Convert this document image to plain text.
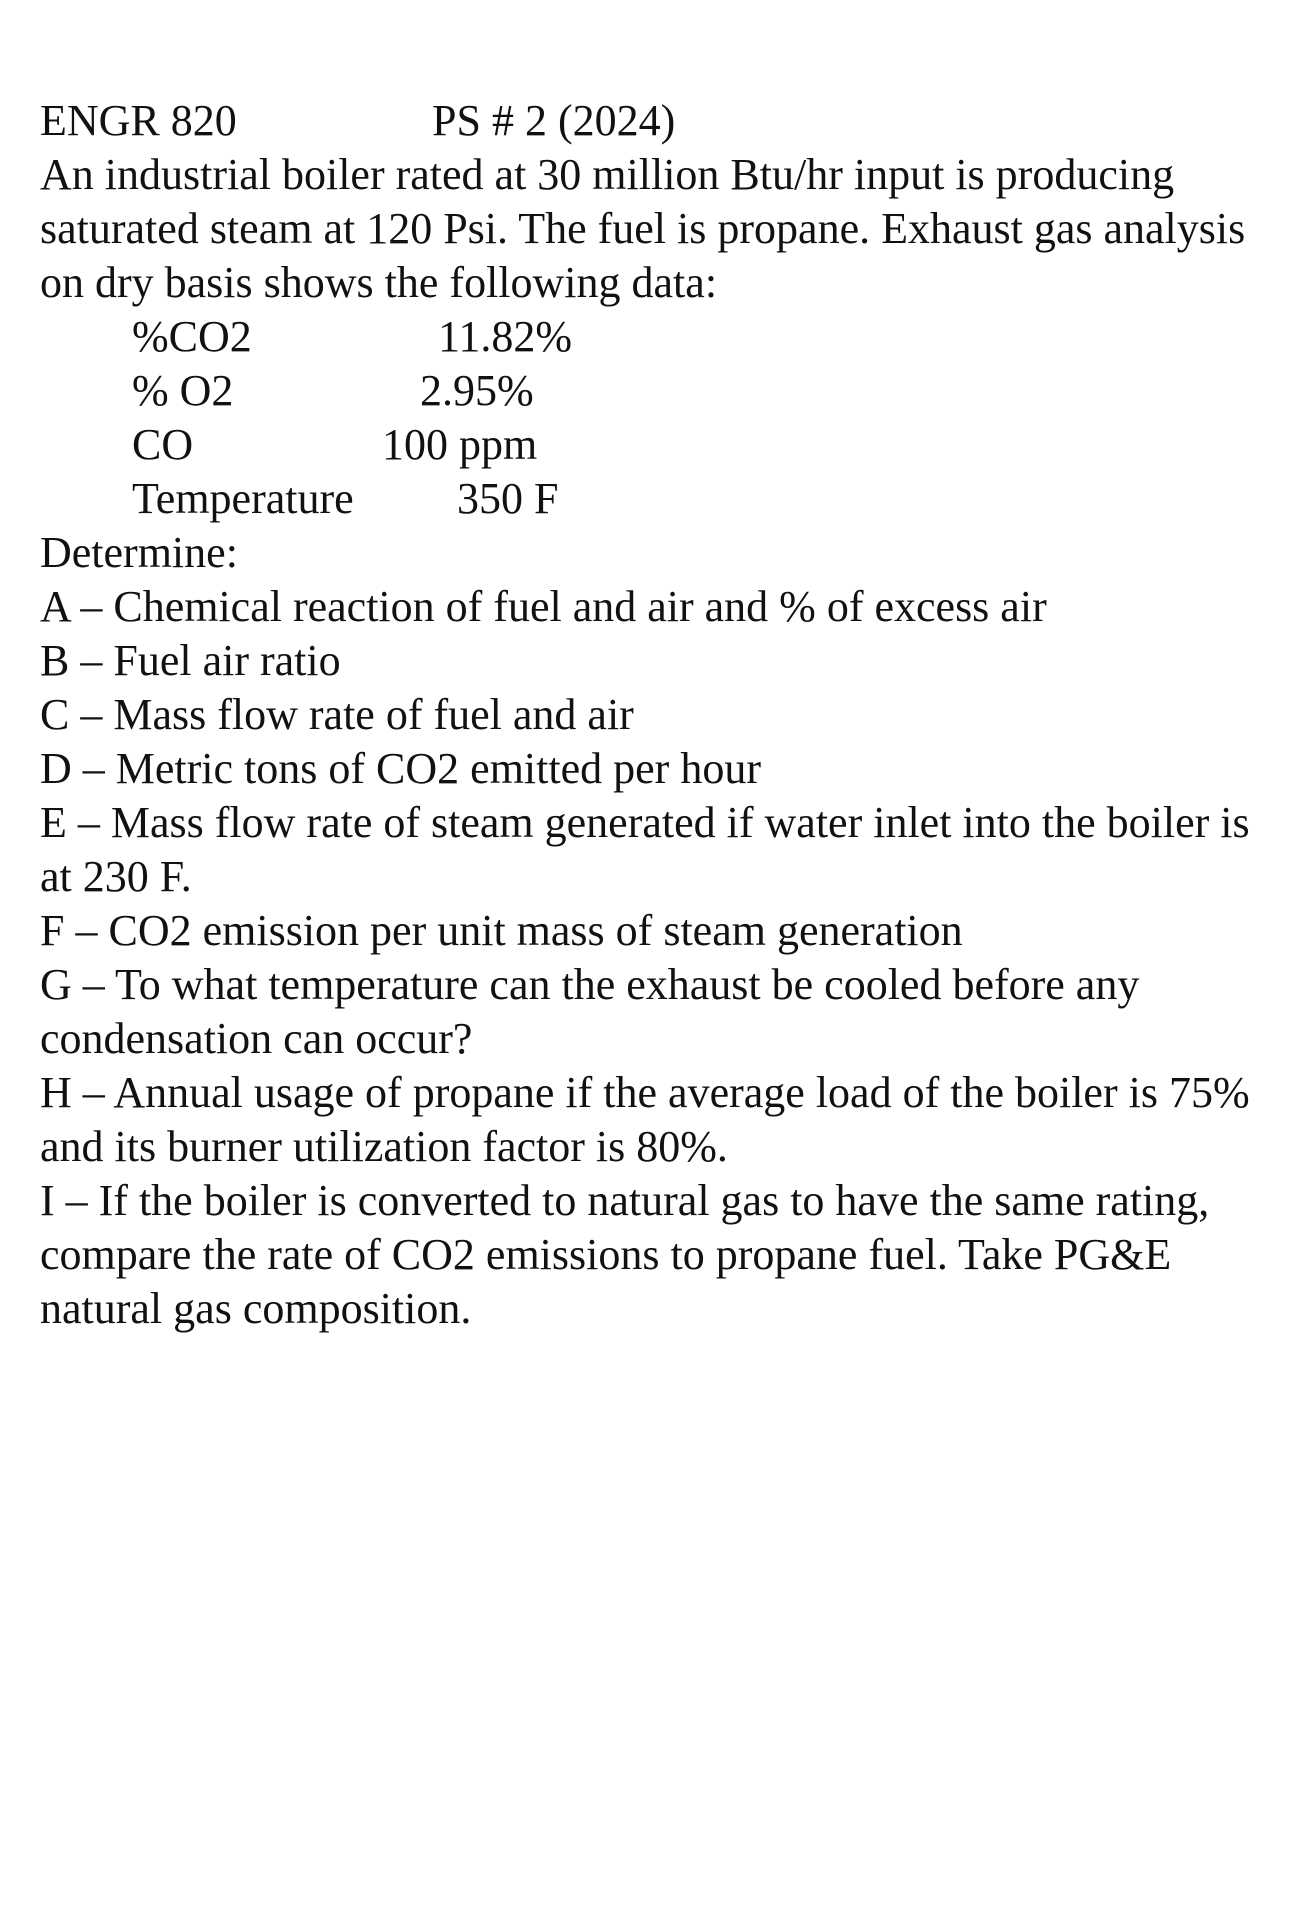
ENGR 820	PS # 2 (2024)

An industrial boiler rated at 30 million Btu/hr input is producing saturated steam at 120 Psi. The fuel is propane. Exhaust gas analysis on dry basis shows the following data:

%CO2	11.82%
% O2	2.95%
CO	100 ppm
Temperature 350 F

Determine:

A – Chemical reaction of fuel and air and % of excess air
B – Fuel air ratio
C – Mass flow rate of fuel and air
D – Metric tons of CO2 emitted per hour
E – Mass flow rate of steam generated if water inlet into the boiler is at 230 F.
F – CO2 emission per unit mass of steam generation
G – To what temperature can the exhaust be cooled before any condensation can occur?
H – Annual usage of propane if the average load of the boiler is 75% and its burner utilization factor is 80%.
I – If the boiler is converted to natural gas to have the same rating, compare the rate of CO2 emissions to propane fuel. Take PG&E natural gas composition.
